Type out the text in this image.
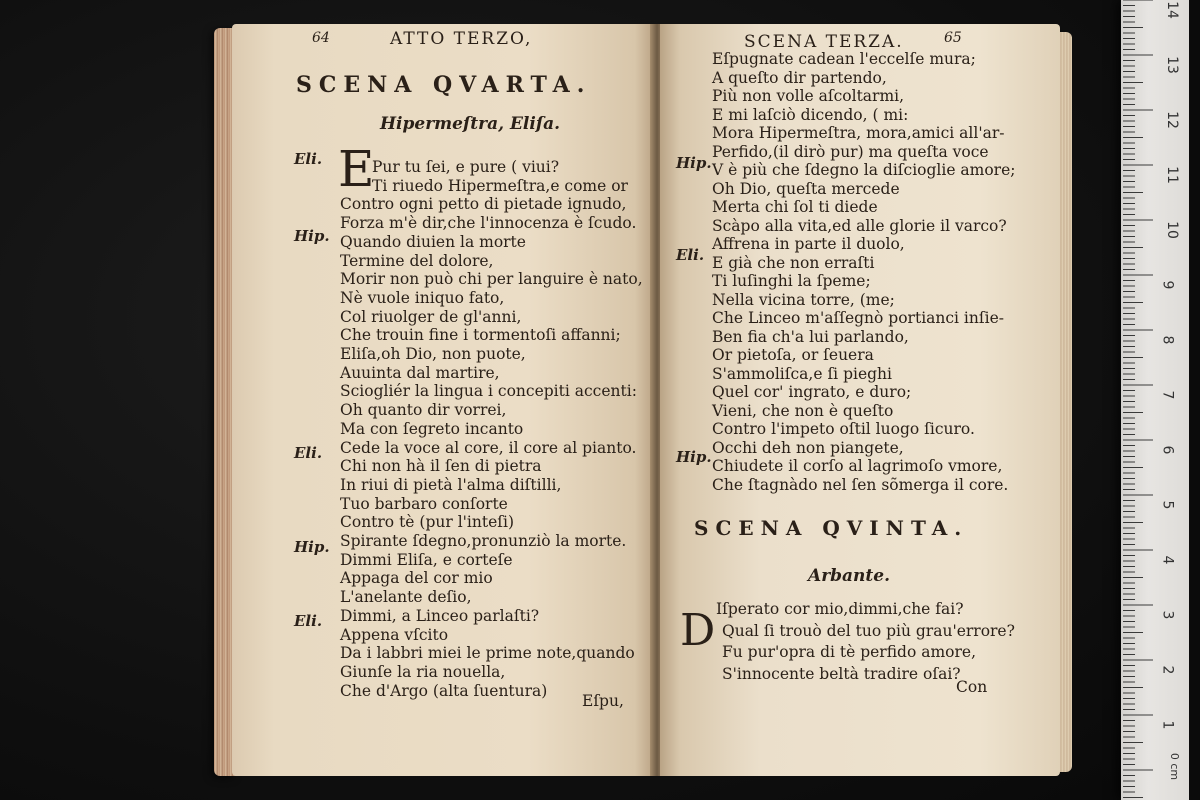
64	ATTO TERZO,
SCENA QVARTA.
Hipermeſtra, Eliſa.
E
Eli.
Hip.
Eli.
Hip.
Eli.
Pur tu ſei, e pure ( viui?
Ti riuedo Hipermeſtra,e come or
Contro ogni petto di pietade ignudo,
Forza m'è dir,che l'innocenza è ſcudo.
Quando diuien la morte
Termine del dolore,
Morir non può chi per languire è nato,
Nè vuole iniquo fato,
Col riuolger de gl'anni,
Che trouin fine i tormentoſi affanni;
Eliſa,oh Dio, non puote,
Auuinta dal martire,
Sciogliér la lingua i concepiti accenti:
Oh quanto dir vorrei,
Ma con ſegreto incanto
Cede la voce al core, il core al pianto.
Chi non hà il ſen di pietra
In riui di pietà l'alma diſtilli,
Tuo barbaro conſorte
Contro tè (pur l'inteſi)
Spirante ſdegno,pronunziò la morte.
Dimmi Eliſa, e corteſe
Appaga del cor mio
L'anelante deſio,
Dimmi, a Linceo parlaſti?
Appena vſcito
Da i labbri miei le prime note,quando
Giunſe la ria nouella,
Che d'Argo (alta ſuentura)
Eſpu,
SCENA TERZA.	65
Hip.
Eli.
Hip.
Eſpugnate cadean l'eccelſe mura;
A queſto dir partendo,
Più non volle aſcoltarmi,
E mi laſciò dicendo, ( mi:
Mora Hipermeſtra, mora,amici all'ar-
Perfido,(il dirò pur) ma queſta voce
V è più che ſdegno la diſcioglie amore;
Oh Dio, queſta mercede
Merta chi ſol ti diede
Scàpo alla vita,ed alle glorie il varco?
Affrena in parte il duolo,
E già che non erraſti
Ti luſinghi la ſpeme;
Nella vicina torre, (me;
Che Linceo m'aſſegnò portianci inſie-
Ben fia ch'a lui parlando,
Or pietoſa, or ſeuera
S'ammoliſca,e ſi pieghi
Quel cor' ingrato, e duro;
Vieni, che non è queſto
Contro l'impeto oſtil luogo ſicuro.
Occhi deh non piangete,
Chiudete il corſo al lagrimoſo vmore,
Che ſtagnàdo nel ſen sõmerga il core.
SCENA QVINTA.
Arbante.
D Iſperato cor mio,dimmi,che fai?
Qual ſi trouò del tuo più grau'errore?
Fu pur'opra di tè perfido amore,
S'innocente beltà tradire oſai?
Con
14
13
12
11
10
9
8
7
6
5
4
3
2
1
0 cm
